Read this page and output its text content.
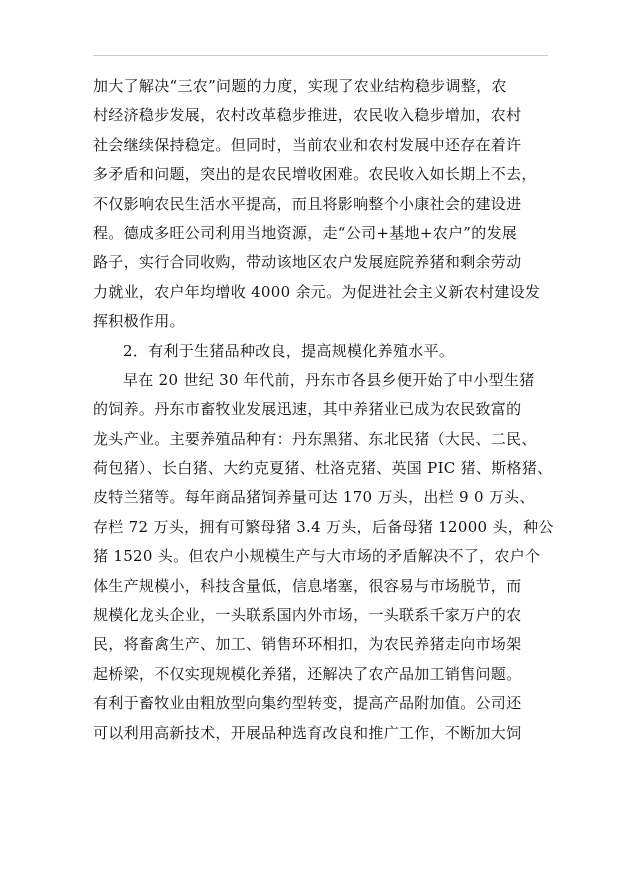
加大了解决“三农”问题的力度，实现了农业结构稳步调整，农
村经济稳步发展，农村改革稳步推进，农民收入稳步增加，农村
社会继续保持稳定。但同时，当前农业和农村发展中还存在着许
多矛盾和问题，突出的是农民增收困难。农民收入如长期上不去，
不仅影响农民生活水平提高，而且将影响整个小康社会的建设进
程。德成多旺公司利用当地资源，走“公司+基地+农户”的发展
路子，实行合同收购，带动该地区农户发展庭院养猪和剩余劳动
力就业，农户年均增收 4000 余元。为促进社会主义新农村建设发
挥积极作用。
2．有利于生猪品种改良，提高规模化养殖水平。
早在 20 世纪 30 年代前，丹东市各县乡便开始了中小型生猪
的饲养。丹东市畜牧业发展迅速，其中养猪业已成为农民致富的
龙头产业。主要养殖品种有：丹东黑猪、东北民猪（大民、二民、
荷包猪）、长白猪、大约克夏猪、杜洛克猪、英国 PIC 猪、斯格猪、
皮特兰猪等。每年商品猪饲养量可达 170 万头，出栏 9 0 万头、
存栏 72 万头，拥有可繁母猪 3.4 万头，后备母猪 12000 头，种公
猪 1520 头。但农户小规模生产与大市场的矛盾解决不了，农户个
体生产规模小，科技含量低，信息堵塞，很容易与市场脱节，而
规模化龙头企业，一头联系国内外市场，一头联系千家万户的农
民，将畜禽生产、加工、销售环环相扣，为农民养猪走向市场架
起桥梁，不仅实现规模化养猪，还解决了农产品加工销售问题。
有利于畜牧业由粗放型向集约型转变，提高产品附加值。公司还
可以利用高新技术，开展品种选育改良和推广工作，不断加大饲
